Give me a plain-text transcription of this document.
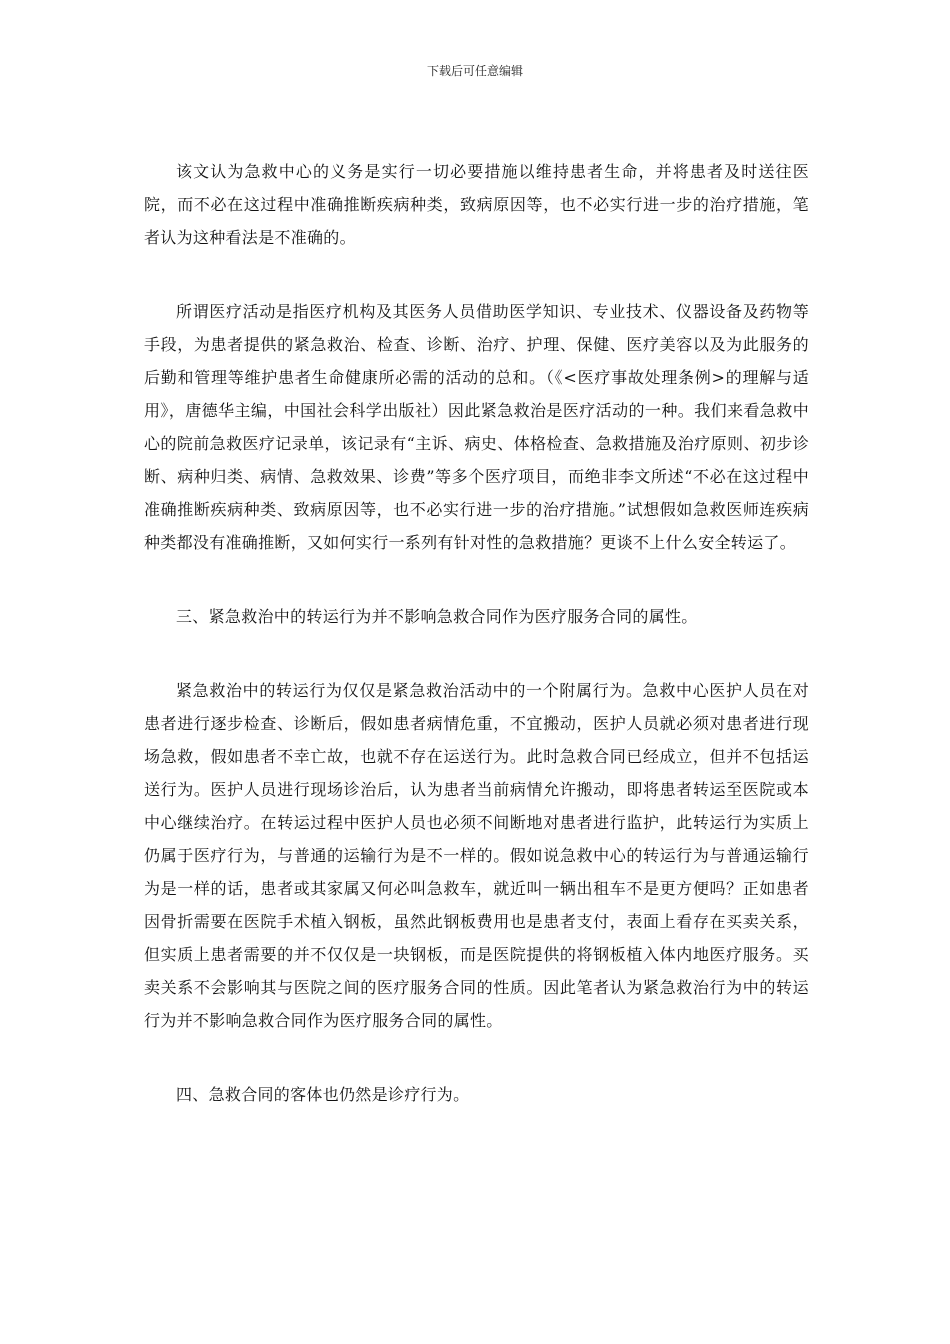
下载后可任意编辑

该文认为急救中心的义务是实行一切必要措施以维持患者生命，并将患者及时送往医院，而不必在这过程中准确推断疾病种类，致病原因等，也不必实行进一步的治疗措施，笔者认为这种看法是不准确的。

所谓医疗活动是指医疗机构及其医务人员借助医学知识、专业技术、仪器设备及药物等手段，为患者提供的紧急救治、检查、诊断、治疗、护理、保健、医疗美容以及为此服务的后勤和管理等维护患者生命健康所必需的活动的总和。（《<医疗事故处理条例>的理解与适用》，唐德华主编，中国社会科学出版社）因此紧急救治是医疗活动的一种。我们来看急救中心的院前急救医疗记录单，该记录有“主诉、病史、体格检查、急救措施及治疗原则、初步诊断、病种归类、病情、急救效果、诊费”等多个医疗项目，而绝非李文所述“不必在这过程中准确推断疾病种类、致病原因等，也不必实行进一步的治疗措施。”试想假如急救医师连疾病种类都没有准确推断，又如何实行一系列有针对性的急救措施？更谈不上什么安全转运了。

三、紧急救治中的转运行为并不影响急救合同作为医疗服务合同的属性。

紧急救治中的转运行为仅仅是紧急救治活动中的一个附属行为。急救中心医护人员在对患者进行逐步检查、诊断后，假如患者病情危重，不宜搬动，医护人员就必须对患者进行现场急救，假如患者不幸亡故，也就不存在运送行为。此时急救合同已经成立，但并不包括运送行为。医护人员进行现场诊治后，认为患者当前病情允许搬动，即将患者转运至医院或本中心继续治疗。在转运过程中医护人员也必须不间断地对患者进行监护，此转运行为实质上仍属于医疗行为，与普通的运输行为是不一样的。假如说急救中心的转运行为与普通运输行为是一样的话，患者或其家属又何必叫急救车，就近叫一辆出租车不是更方便吗？正如患者因骨折需要在医院手术植入钢板，虽然此钢板费用也是患者支付，表面上看存在买卖关系，但实质上患者需要的并不仅仅是一块钢板，而是医院提供的将钢板植入体内地医疗服务。买卖关系不会影响其与医院之间的医疗服务合同的性质。因此笔者认为紧急救治行为中的转运行为并不影响急救合同作为医疗服务合同的属性。

四、急救合同的客体也仍然是诊疗行为。
